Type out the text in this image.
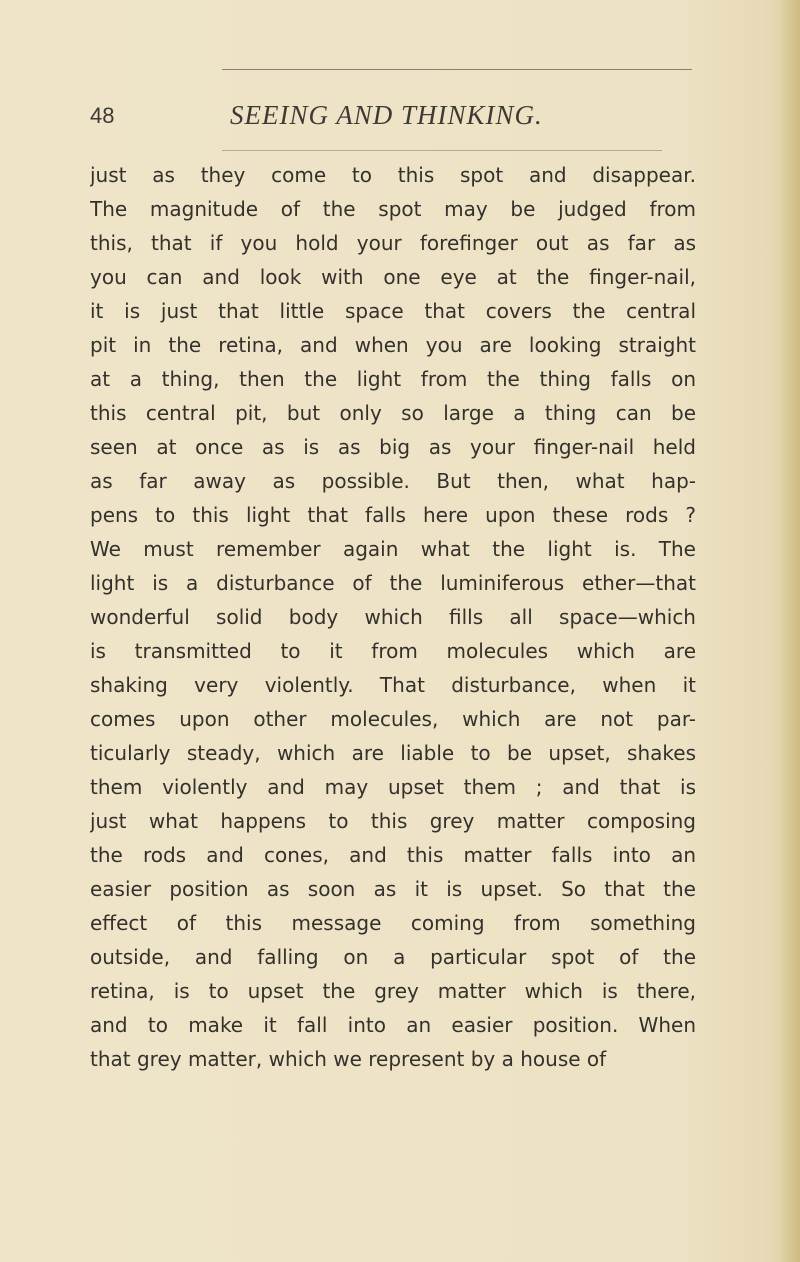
48	SEEING AND THINKING.
just as they come to this spot and disappear.
The magnitude of the spot may be judged from
this, that if you hold your forefinger out as far as
you can and look with one eye at the finger-nail,
it is just that little space that covers the central
pit in the retina, and when you are looking straight
at a thing, then the light from the thing falls on
this central pit, but only so large a thing can be
seen at once as is as big as your finger-nail held
as far away as possible. But then, what hap-
pens to this light that falls here upon these rods ?
We must remember again what the light is. The
light is a disturbance of the luminiferous ether—that
wonderful solid body which fills all space—which
is transmitted to it from molecules which are
shaking very violently. That disturbance, when it
comes upon other molecules, which are not par-
ticularly steady, which are liable to be upset, shakes
them violently and may upset them ; and that is
just what happens to this grey matter composing
the rods and cones, and this matter falls into an
easier position as soon as it is upset. So that the
effect of this message coming from something
outside, and falling on a particular spot of the
retina, is to upset the grey matter which is there,
and to make it fall into an easier position. When
that grey matter, which we represent by a house of
